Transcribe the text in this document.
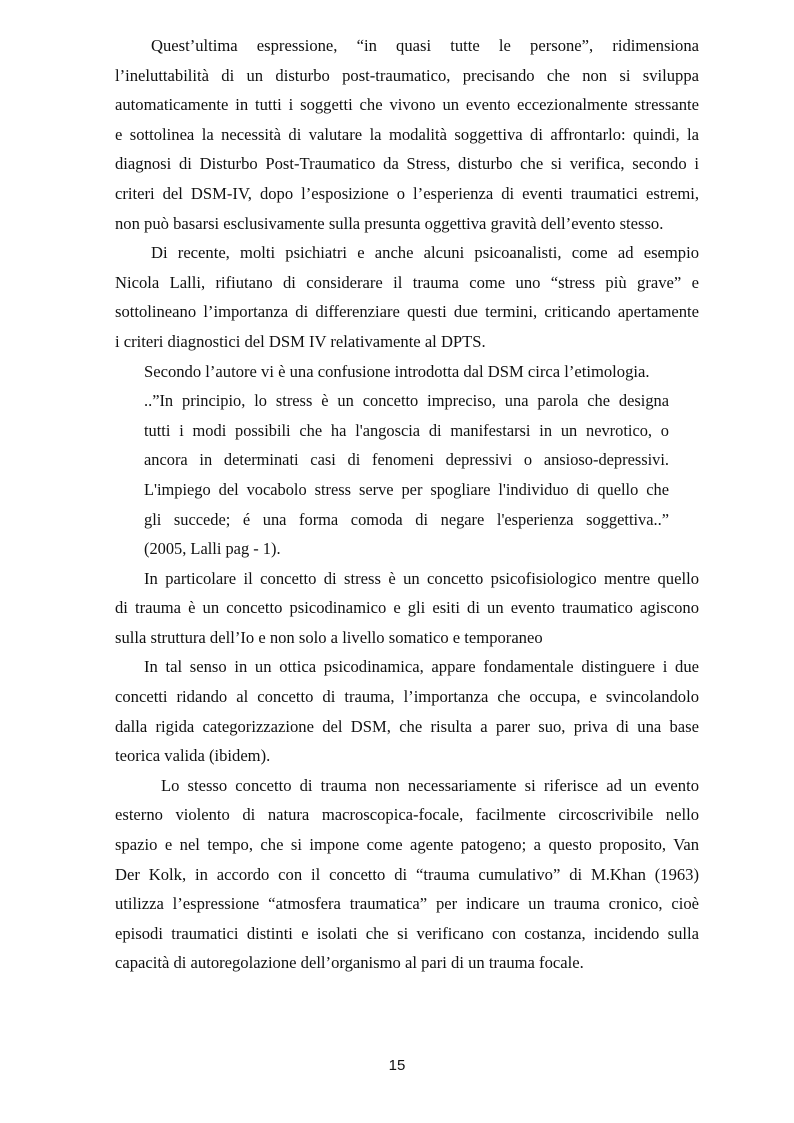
Quest’ultima espressione, “in quasi tutte le persone”, ridimensiona
l’ineluttabilità di un disturbo post-traumatico, precisando che non si sviluppa
automaticamente in tutti i soggetti che vivono un evento eccezionalmente stressante
e sottolinea la necessità di valutare la modalità soggettiva di affrontarlo: quindi, la
diagnosi di Disturbo Post-Traumatico da Stress, disturbo che si verifica, secondo i
criteri del DSM-IV, dopo l’esposizione o l’esperienza di eventi traumatici estremi,
non può basarsi esclusivamente sulla presunta oggettiva gravità dell’evento stesso.
Di recente, molti psichiatri e anche alcuni psicoanalisti, come ad esempio
Nicola Lalli, rifiutano di considerare il trauma come uno “stress più grave” e
sottolineano l’importanza di differenziare questi due termini, criticando apertamente
i criteri diagnostici del DSM IV relativamente al DPTS.
Secondo l’autore vi è una confusione introdotta dal DSM circa l’etimologia.
..”In principio, lo stress è un concetto impreciso, una parola che designa
tutti i modi possibili che ha l'angoscia di manifestarsi in un nevrotico, o
ancora in determinati casi di fenomeni depressivi o ansioso-depressivi.
L'impiego del vocabolo stress serve per spogliare l'individuo di quello che
gli succede; é una forma comoda di negare l'esperienza soggettiva..”
(2005, Lalli pag - 1).
In particolare il concetto di stress è un concetto psicofisiologico mentre quello
di trauma è un concetto psicodinamico e gli esiti di un evento traumatico agiscono
sulla struttura dell’Io e non solo a livello somatico e temporaneo
In tal senso in un ottica psicodinamica, appare fondamentale distinguere i due
concetti ridando al concetto di trauma, l’importanza che occupa, e svincolandolo
dalla rigida categorizzazione del DSM, che risulta a parer suo, priva di una base
teorica valida (ibidem).
Lo stesso concetto di trauma non necessariamente si riferisce ad un evento
esterno violento di natura macroscopica-focale, facilmente circoscrivibile nello
spazio e nel tempo, che si impone come agente patogeno; a questo proposito, Van
Der Kolk, in accordo con il concetto di “trauma cumulativo” di M.Khan (1963)
utilizza l’espressione “atmosfera traumatica” per indicare un trauma cronico, cioè
episodi traumatici distinti e isolati che si verificano con costanza, incidendo sulla
capacità di autoregolazione dell’organismo al pari di un trauma focale.
15
